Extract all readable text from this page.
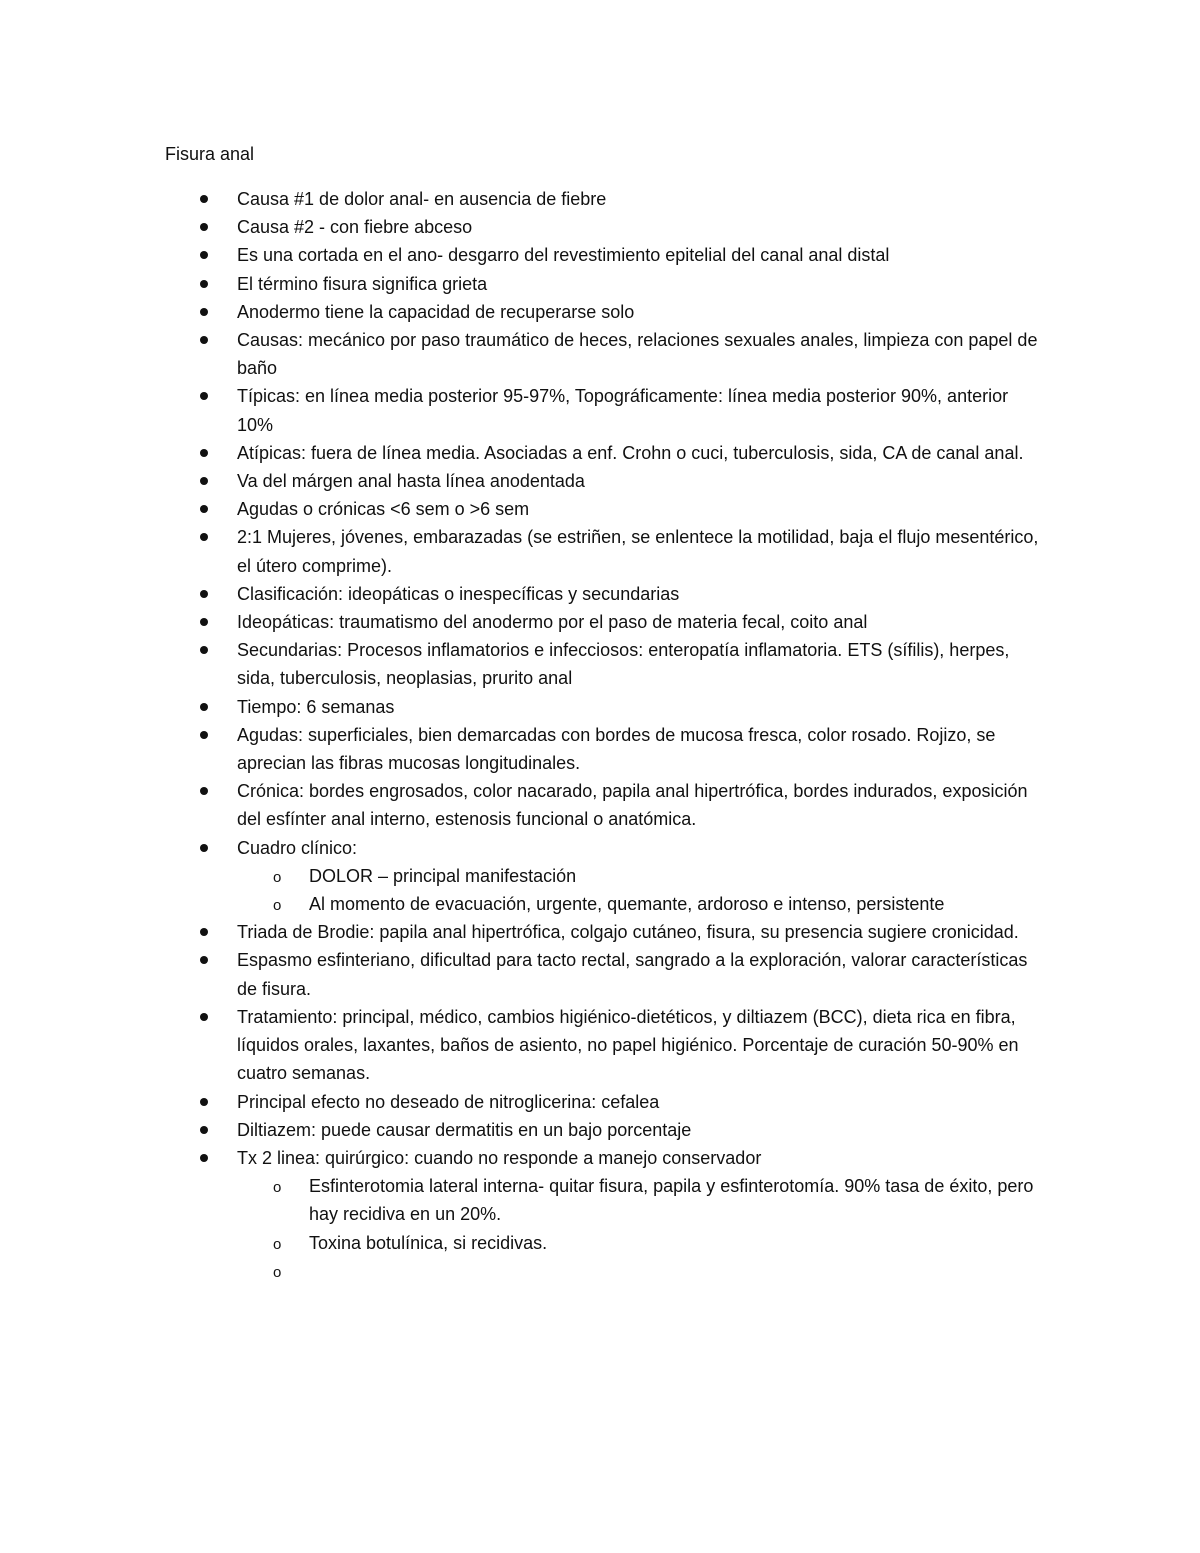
Fisura anal
Causa #1 de dolor anal- en ausencia de fiebre
Causa #2 - con fiebre abceso
Es una cortada en el ano- desgarro del revestimiento epitelial del canal anal distal
El término fisura significa grieta
Anodermo tiene la capacidad de recuperarse solo
Causas: mecánico por paso traumático de heces, relaciones sexuales anales, limpieza con papel de baño
Típicas: en línea media posterior 95-97%, Topográficamente: línea media posterior 90%, anterior 10%
Atípicas: fuera de línea media. Asociadas a enf. Crohn o cuci, tuberculosis, sida, CA de canal anal.
Va del márgen anal hasta línea anodentada
Agudas o crónicas <6 sem o >6 sem
2:1 Mujeres, jóvenes, embarazadas (se estriñen, se enlentece la motilidad, baja el flujo mesentérico, el útero comprime).
Clasificación: ideopáticas o inespecíficas y secundarias
Ideopáticas: traumatismo del anodermo por el paso de materia fecal, coito anal
Secundarias: Procesos inflamatorios e infecciosos: enteropatía inflamatoria. ETS (sífilis), herpes, sida, tuberculosis, neoplasias, prurito anal
Tiempo: 6 semanas
Agudas: superficiales, bien demarcadas con bordes de mucosa fresca, color rosado. Rojizo, se aprecian las fibras mucosas longitudinales.
Crónica: bordes engrosados, color nacarado, papila anal hipertrófica, bordes indurados, exposición del esfínter anal interno, estenosis funcional o anatómica.
Cuadro clínico:
o DOLOR – principal manifestación
o Al momento de evacuación, urgente, quemante, ardoroso e intenso, persistente
Triada de Brodie: papila anal hipertrófica, colgajo cutáneo, fisura, su presencia sugiere cronicidad.
Espasmo esfinteriano, dificultad para tacto rectal, sangrado a la exploración, valorar características de fisura.
Tratamiento: principal, médico, cambios higiénico-dietéticos, y diltiazem (BCC), dieta rica en fibra, líquidos orales, laxantes, baños de asiento, no papel higiénico. Porcentaje de curación 50-90% en cuatro semanas.
Principal efecto no deseado de nitroglicerina: cefalea
Diltiazem: puede causar dermatitis en un bajo porcentaje
Tx 2 linea: quirúrgico: cuando no responde a manejo conservador
o Esfinterotomia lateral interna- quitar fisura, papila y esfinterotomía. 90% tasa de éxito, pero hay recidiva en un 20%.
o Toxina botulínica, si recidivas.
o
